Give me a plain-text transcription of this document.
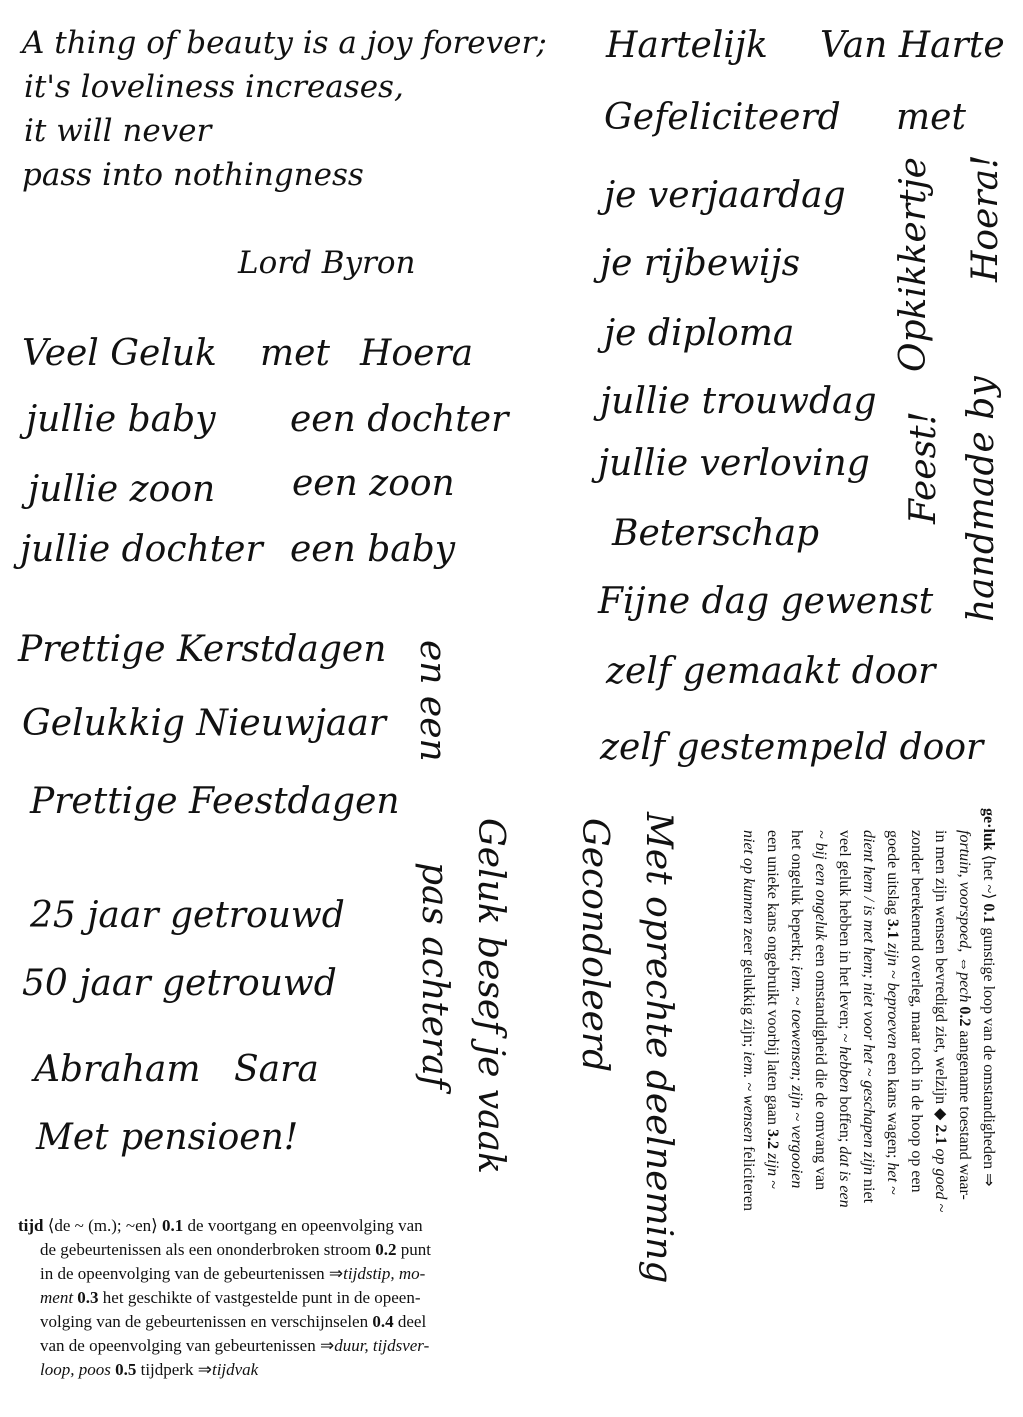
A thing of beauty is a joy forever;
it's loveliness increases,
it will never
pass into nothingness
Lord Byron
Veel Geluk met Hoera
jullie baby een dochter
jullie zoon een zoon
jullie dochter een baby
Prettige Kerstdagen
Gelukkig Nieuwjaar
Prettige Feestdagen
en een
25 jaar getrouwd
50 jaar getrouwd
Abraham Sara
Met pensioen!	Geluk besef je vaak
pas achteraf	Gecondoleerd Met oprechte deelneming
Hartelijk Van Harte
Gefeliciteerd met
je verjaardag
je rijbewijs
je diploma
jullie trouwdag
jullie verloving
Beterschap
Fijne dag gewenst
zelf gemaakt door
zelf gestempeld door
Hoera!
Opkikkertje
Feest! handmade by

tijd ⟨de ~ (m.); ~en⟩ 0.1 de voortgang en opeenvolging van

de gebeurtenissen als een ononderbroken stroom 0.2 punt

in de opeenvolging van de gebeurtenissen ⇒tijdstip, mo-

ment 0.3 het geschikte of vastgestelde punt in de opeen-

volging van de gebeurtenissen en verschijnselen 0.4 deel

van de opeenvolging van gebeurtenissen ⇒duur, tijdsver-

loop, poos 0.5 tijdperk ⇒tijdvak

ge·luk ⟨het ~⟩ 0.1 gunstige loop van de omstandigheden ⇒

fortuin, voorspoed, ⇔pech 0.2 aangename toestand waar-

in men zijn wensen bevredigd ziet, welzijn ◆ 2.1 op goed ~

zonder berekenend overleg, maar toch in de hoop op een

goede uitslag 3.1 zijn ~ beproeven een kans wagen; het ~

dient hem / is met hem; niet voor het ~ geschapen zijn niet

veel geluk hebben in het leven; ~ hebben boffen; dat is een

~ bij een ongeluk een omstandigheid die de omvang van

het ongeluk beperkt; iem. ~ toewensen; zijn ~ vergooien

een unieke kans ongebruikt voorbij laten gaan 3.2 zijn ~

niet op kunnen zeer gelukkig zijn; iem. ~ wensen feliciteren
